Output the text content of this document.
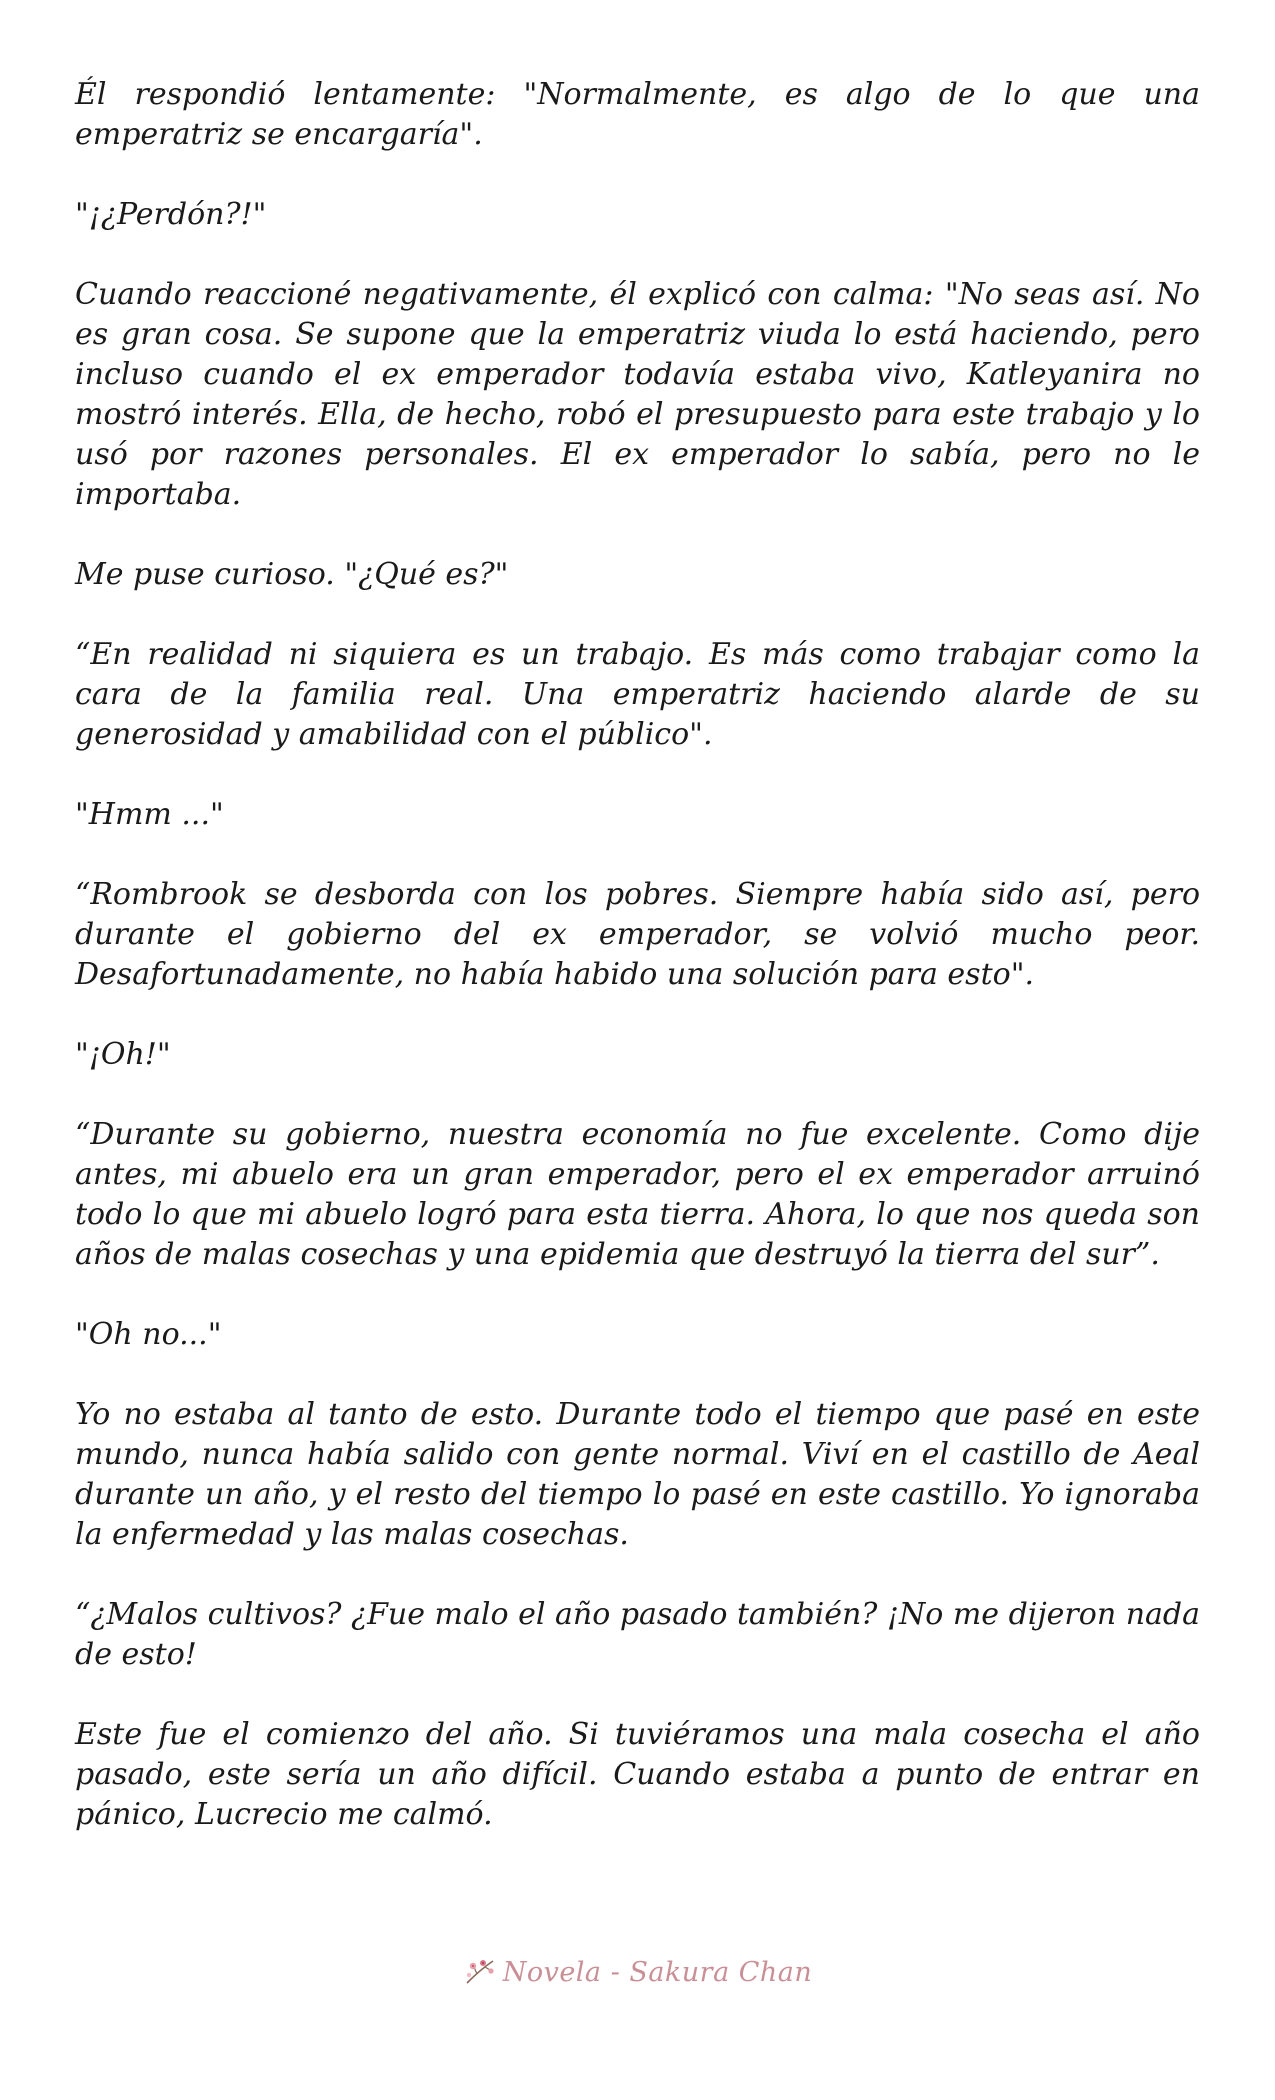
Él respondió lentamente: "Normalmente, es algo de lo que una emperatriz se encargaría".

"¡¿Perdón?!"

Cuando reaccioné negativamente, él explicó con calma: "No seas así. No es gran cosa. Se supone que la emperatriz viuda lo está haciendo, pero incluso cuando el ex emperador todavía estaba vivo, Katleyanira no mostró interés. Ella, de hecho, robó el presupuesto para este trabajo y lo usó por razones personales. El ex emperador lo sabía, pero no le importaba.

Me puse curioso. "¿Qué es?"

“En realidad ni siquiera es un trabajo. Es más como trabajar como la cara de la familia real. Una emperatriz haciendo alarde de su generosidad y amabilidad con el público".

"Hmm ..."

“Rombrook se desborda con los pobres. Siempre había sido así, pero durante el gobierno del ex emperador, se volvió mucho peor. Desafortunadamente, no había habido una solución para esto".

"¡Oh!"

“Durante su gobierno, nuestra economía no fue excelente. Como dije antes, mi abuelo era un gran emperador, pero el ex emperador arruinó todo lo que mi abuelo logró para esta tierra. Ahora, lo que nos queda son años de malas cosechas y una epidemia que destruyó la tierra del sur”.

"Oh no..."

Yo no estaba al tanto de esto. Durante todo el tiempo que pasé en este mundo, nunca había salido con gente normal. Viví en el castillo de Aeal durante un año, y el resto del tiempo lo pasé en este castillo. Yo ignoraba la enfermedad y las malas cosechas.

“¿Malos cultivos? ¿Fue malo el año pasado también? ¡No me dijeron nada de esto!

Este fue el comienzo del año. Si tuviéramos una mala cosecha el año pasado, este sería un año difícil. Cuando estaba a punto de entrar en pánico, Lucrecio me calmó.

Novela - Sakura Chan
